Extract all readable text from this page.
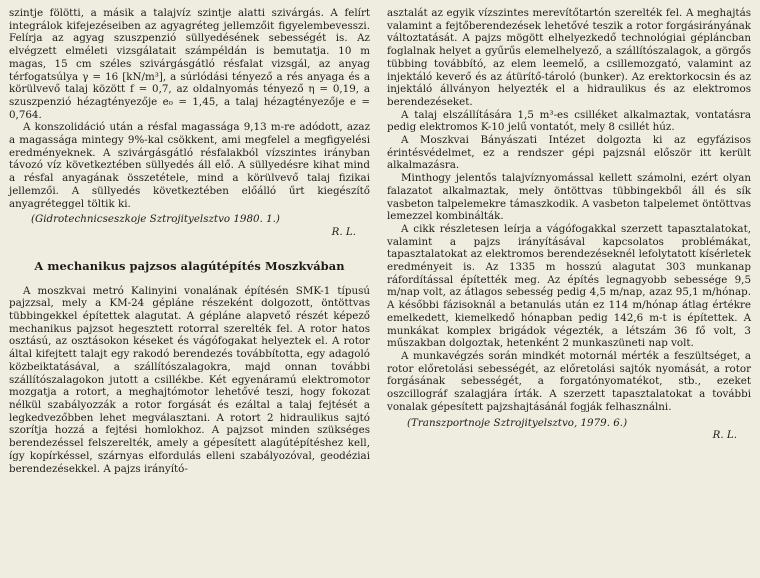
szintje fölötti, a másik a talajvíz szintje alatti szivárgás. A felírt integrálok kifejezéseiben az agyagréteg jellemzőit figyelembevesszi. Felírja az agyag szuszpenzió süllyedésének sebességét is. Az elvégzett elméleti vizsgálatait számpéldán is bemutatja. 10 m magas, 15 cm széles szivárgásgátló résfalat vizsgál, az anyag térfogatsúlya γ = 16 [kN/m³], a súrlódási tényező a rés anyaga és a körülvevő talaj között f = 0,7, az oldalnyomás tényező η = 0,19, a szuszpenzió hézagtényezője e₀ = 1,45, a talaj hézagtényezője e = 0,764.

A konszolidáció után a résfal magassága 9,13 m-re adódott, azaz a magassága mintegy 9%-kal csökkent, ami megfelel a megfigyelési eredményeknek. A szivárgásgátló résfalakból vízszintes irányban távozó víz következtében süllyedés áll elő. A süllyedésre kihat mind a résfal anyagának összetétele, mind a körülvevő talaj fizikai jellemzői. A süllyedés következtében előálló űrt kiegészítő anyagréteggel töltik ki.

(Gidrotechnicseszkoje Sztrojityelsztvo 1980. 1.)

R. L.

A mechanikus pajzsos alagútépítés Moszkvában

A moszkvai metró Kalinyini vonalának építésén SMK-1 típusú pajzzsal, mely a KM-24 gépláne részeként dolgozott, öntöttvas tübbingekkel építettek alagutat. A gépláne alapvető részét képező mechanikus pajzsot hegesztett rotorral szerelték fel. A rotor hatos osztású, az osztásokon késeket és vágófogakat helyeztek el. A rotor által kifejtett talajt egy rakodó berendezés továbbította, egy adagoló közbeiktatásával, a szállítószalagokra, majd onnan további szállítószalagokon jutott a csillékbe. Két egyenáramú elektromotor mozgatja a rotort, a meghajtómotor lehetővé teszi, hogy fokozat nélkül szabályozzák a rotor forgását és ezáltal a talaj fejtését a legkedvezőbben lehet megválasztani. A rotort 2 hidraulikus sajtó szorítja hozzá a fejtési homlokhoz. A pajzsot minden szükséges berendezéssel felszerelték, amely a gépesített alagútépítéshez kell, így kopírkéssel, szárnyas elfordulás elleni szabályozóval, geodéziai berendezésekkel. A pajzs irányító-

asztalát az egyik vízszintes merevítőtartón szerelték fel. A meghajtás valamint a fejtőberendezések lehetővé teszik a rotor forgásirányának változtatását. A pajzs mögött elhelyezkedő technológiai gépláncban foglalnak helyet a gyűrűs elemelhelyező, a szállítószalagok, a görgős tübbing továbbító, az elem leemelő, a csillemozgató, valamint az injektáló keverő és az átürítő-tároló (bunker). Az erektorkocsin és az injektáló állványon helyezték el a hidraulikus és az elektromos berendezéseket.

A talaj elszállítására 1,5 m³-es csilléket alkalmaztak, vontatásra pedig elektromos K-10 jelű vontatót, mely 8 csillét húz.

A Moszkvai Bányászati Intézet dolgozta ki az egyfázisos érintésvédelmet, ez a rendszer gépi pajzsnál először itt került alkalmazásra.

Minthogy jelentős talajvíznyomással kellett számolni, ezért olyan falazatot alkalmaztak, mely öntöttvas tübbingekből áll és sík vasbeton talpelemekre támaszkodik. A vasbeton talpelemet öntöttvas lemezzel kombinálták.

A cikk részletesen leírja a vágófogakkal szerzett tapasztalatokat, valamint a pajzs irányításával kapcsolatos problémákat, tapasztalatokat az elektromos berendezéseknél lefolytatott kísérletek eredményeit is. Az 1335 m hosszú alagutat 303 munkanap ráfordítással építették meg. Az építés legnagyobb sebessége 9,5 m/nap volt, az átlagos sebesség pedig 4,5 m/nap, azaz 95,1 m/hónap. A későbbi fázisoknál a betanulás után ez 114 m/hónap átlag értékre emelkedett, kiemelkedő hónapban pedig 142,6 m-t is építettek. A munkákat komplex brigádok végezték, a létszám 36 fő volt, 3 műszakban dolgoztak, hetenként 2 munkaszüneti nap volt.

A munkavégzés során mindkét motornál mérték a feszültséget, a rotor előretolási sebességét, az előretolási sajtók nyomását, a rotor forgásának sebességét, a forgatónyomatékot, stb., ezeket oszcillográf szalagjára írták. A szerzett tapasztalatokat a további vonalak gépesített pajzshajtásánál fogják felhasználni.

(Transzportnoje Sztrojityelsztvo, 1979. 6.)

R. L.
